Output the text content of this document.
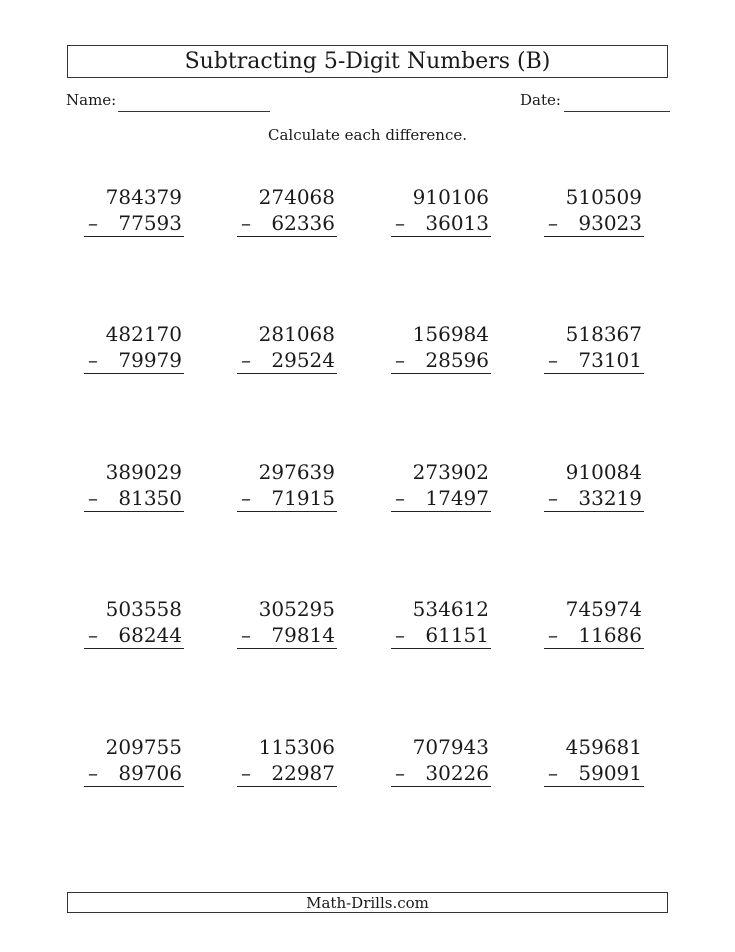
Subtracting 5-Digit Numbers (B)
Name:	Date:
Calculate each difference.
784379
– 77593
274068
– 62336
910106
– 36013
510509
– 93023
482170
– 79979
281068
– 29524
156984
– 28596
518367
– 73101
389029
– 81350
297639
– 71915
273902
– 17497
910084
– 33219
503558
– 68244
305295
– 79814
534612
– 61151
745974
– 11686
209755
– 89706
115306
– 22987
707943
– 30226
459681
– 59091
Math-Drills.com
